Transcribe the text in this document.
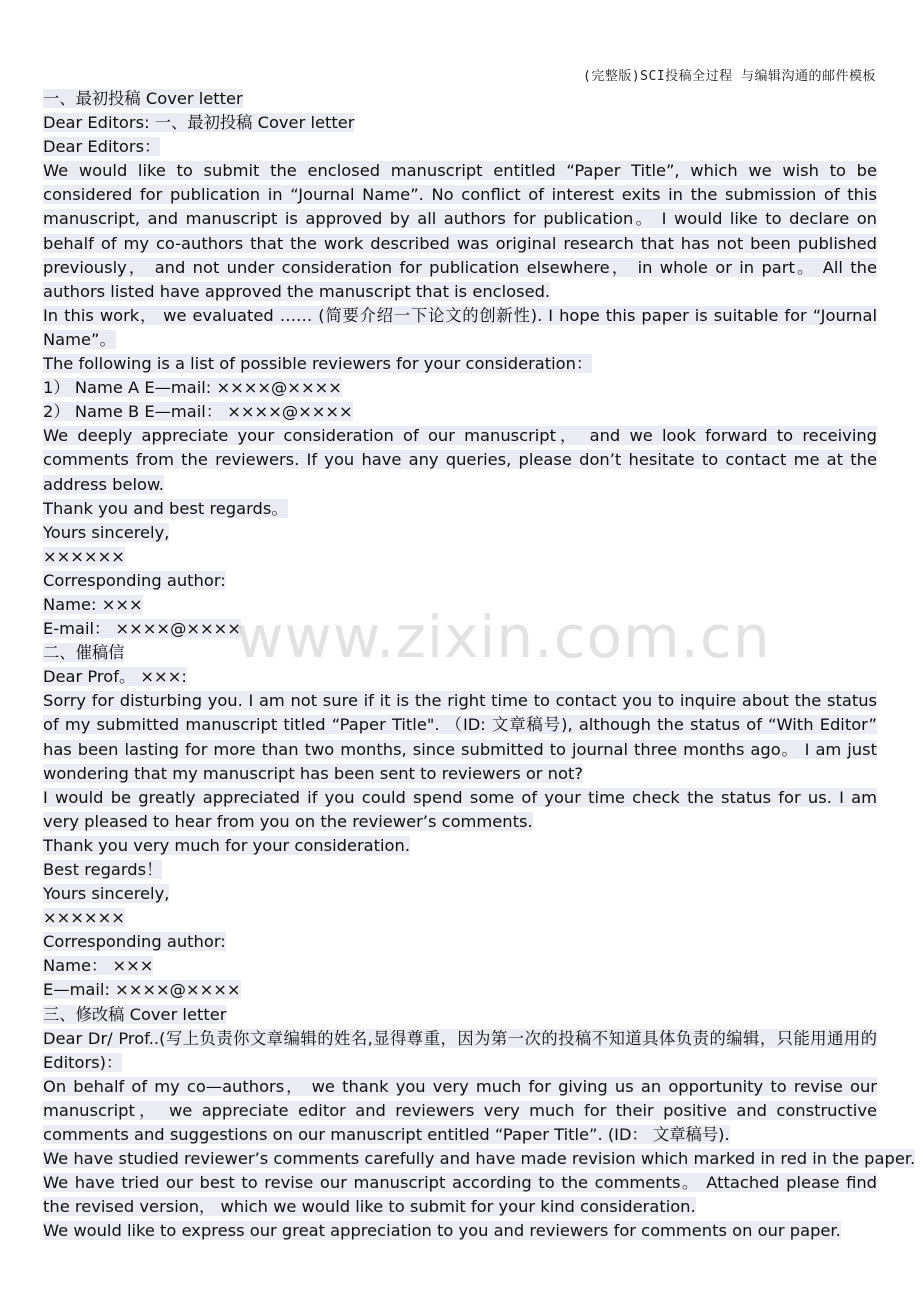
(完整版)SCI投稿全过程 与编辑沟通的邮件模板
一、最初投稿 Cover letter
Dear Editors: 一、最初投稿 Cover letter
Dear Editors：
We would like to submit the enclosed manuscript entitled “Paper Title”, which we wish to be considered for publication in “Journal Name”. No conflict of interest exits in the submission of this manuscript, and manuscript is approved by all authors for publication。 I would like to declare on behalf of my co-authors that the work described was original research that has not been published previously， and not under consideration for publication elsewhere， in whole or in part。 All the authors listed have approved the manuscript that is enclosed.
In this work， we evaluated …… (简要介绍一下论文的创新性). I hope this paper is suitable for “Journal Name”。
The following is a list of possible reviewers for your consideration：
1） Name A E—mail: ××××@××××
2） Name B E—mail： ××××@××××
We deeply appreciate your consideration of our manuscript， and we look forward to receiving comments from the reviewers. If you have any queries, please don’t hesitate to contact me at the address below.
Thank you and best regards。
Yours sincerely,
××××××
Corresponding author:
Name: ×××
E-mail： ××××@××××
二、催稿信
Dear Prof。 ×××:
Sorry for disturbing you. I am not sure if it is the right time to contact you to inquire about the status of my submitted manuscript titled “Paper Title". （ID: 文章稿号), although the status of “With Editor” has been lasting for more than two months, since submitted to journal three months ago。 I am just wondering that my manuscript has been sent to reviewers or not?
I would be greatly appreciated if you could spend some of your time check the status for us. I am very pleased to hear from you on the reviewer’s comments.
Thank you very much for your consideration.
Best regards！
Yours sincerely,
××××××
Corresponding author:
Name： ×××
E—mail: ××××@××××
三、修改稿 Cover letter
Dear Dr/ Prof..(写上负责你文章编辑的姓名,显得尊重，因为第一次的投稿不知道具体负责的编辑，只能用通用的 Editors)：
On behalf of my co—authors， we thank you very much for giving us an opportunity to revise our manuscript， we appreciate editor and reviewers very much for their positive and constructive comments and suggestions on our manuscript entitled “Paper Title”. (ID： 文章稿号).
We have studied reviewer’s comments carefully and have made revision which marked in red in the paper.
We have tried our best to revise our manuscript according to the comments。 Attached please find the revised version， which we would like to submit for your kind consideration.
We would like to express our great appreciation to you and reviewers for comments on our paper.
www.zixin.com.cn
